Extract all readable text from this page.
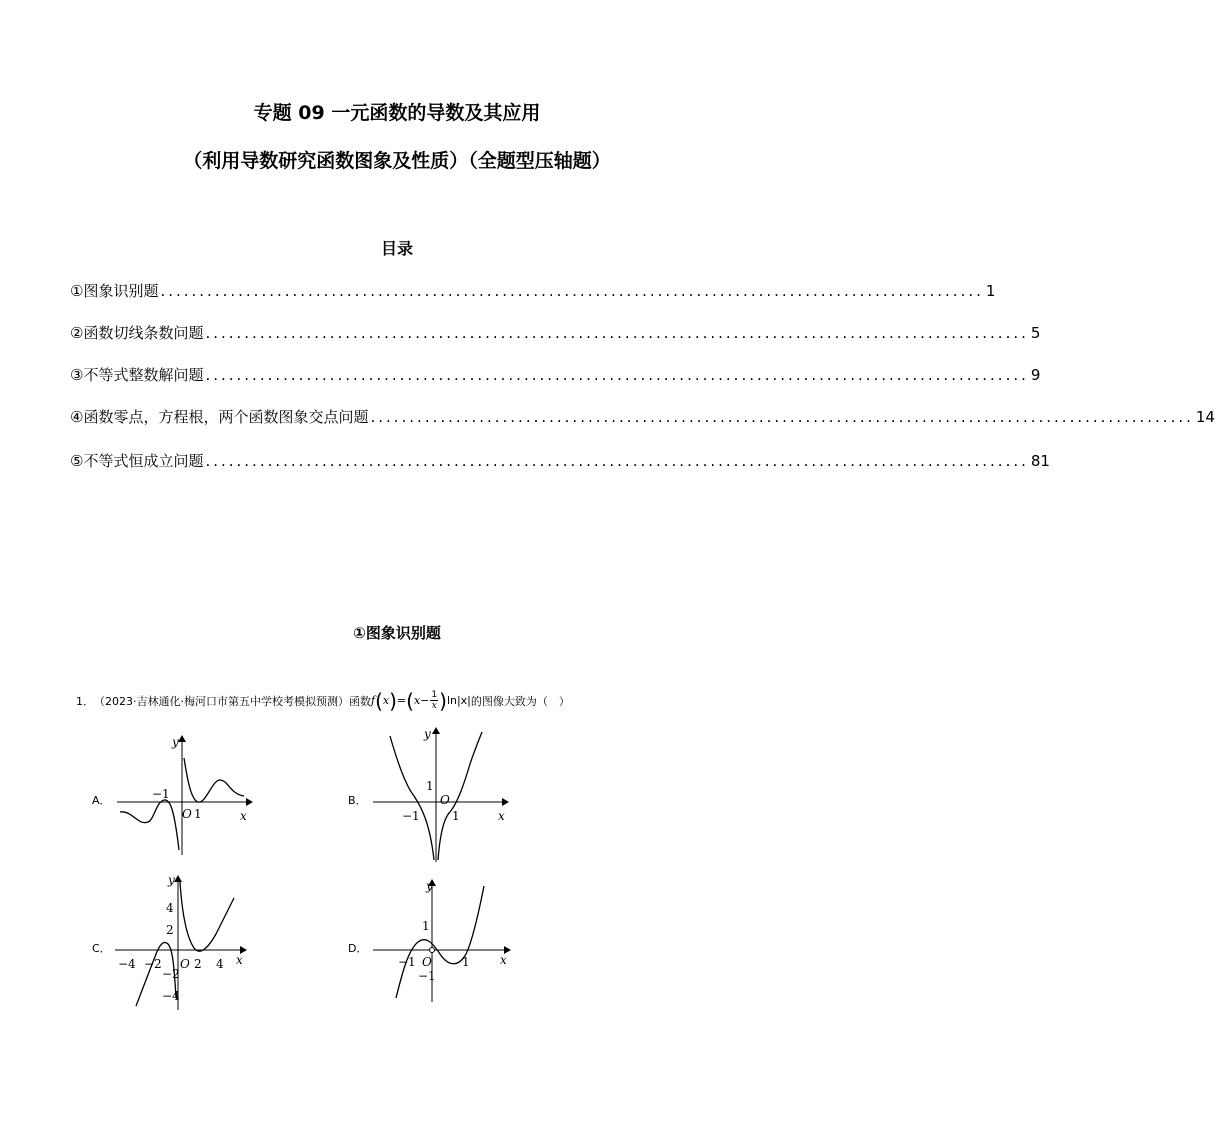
专题 09 一元函数的导数及其应用
（利用导数研究函数图象及性质）（全题型压轴题）
目录
①图象识别题 .......................................................................................................... 1
②函数切线条数问题 .......................................................................................................... 5
③不等式整数解问题 .......................................................................................................... 9
④函数零点，方程根，两个函数图象交点问题 .......................................................................................................... 14
⑤不等式恒成立问题 .......................................................................................................... 81
①图象识别题
1． （2023·吉林通化·梅河口市第五中学校考模拟预测）函数 f ( x ) = ( $x - \frac{1}{x}$ ) ln|x| 的图像大致为（　）
A．
y
x
O
−1
1
B．
y
x
O
−1	1
1
C．
y
x
O
−4 −2	2 4
4
2
−2
−4
D．
y
x
O
−1	1
1
−1
